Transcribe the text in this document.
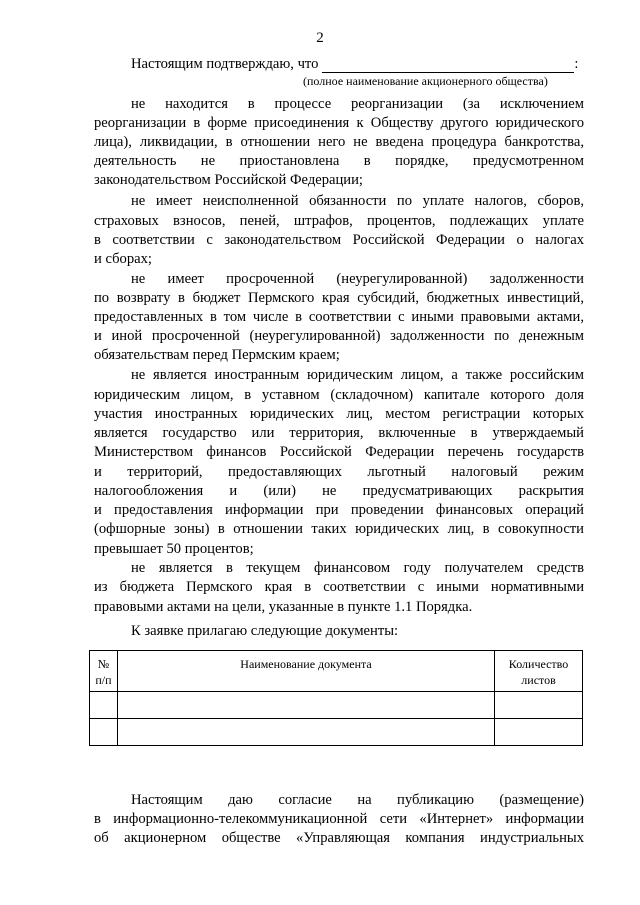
2
Настоящим подтверждаю, что	:
(полное наименование акционерного общества)
не находится в процессе реорганизации (за исключением
реорганизации в форме присоединения к Обществу другого юридического
лица), ликвидации, в отношении него не введена процедура банкротства,
деятельность не приостановлена в порядке, предусмотренном
законодательством Российской Федерации;
не имеет неисполненной обязанности по уплате налогов, сборов,
страховых взносов, пеней, штрафов, процентов, подлежащих уплате
в соответствии с законодательством Российской Федерации о налогах
и сборах;
не имеет просроченной (неурегулированной) задолженности
по возврату в бюджет Пермского края субсидий, бюджетных инвестиций,
предоставленных в том числе в соответствии с иными правовыми актами,
и иной просроченной (неурегулированной) задолженности по денежным
обязательствам перед Пермским краем;
не является иностранным юридическим лицом, а также российским
юридическим лицом, в уставном (складочном) капитале которого доля
участия иностранных юридических лиц, местом регистрации которых
является государство или территория, включенные в утверждаемый
Министерством финансов Российской Федерации перечень государств
и территорий, предоставляющих льготный налоговый режим
налогообложения и (или) не предусматривающих раскрытия
и предоставления информации при проведении финансовых операций
(офшорные зоны) в отношении таких юридических лиц, в совокупности
превышает 50 процентов;
не является в текущем финансовом году получателем средств
из бюджета Пермского края в соответствии с иными нормативными
правовыми актами на цели, указанные в пункте 1.1 Порядка.
К заявке прилагаю следующие документы:
№
п/п	Наименование документа	Количество
листов

Настоящим даю согласие на публикацию (размещение)
в информационно-телекоммуникационной сети «Интернет» информации
об акционерном обществе «Управляющая компания индустриальных
